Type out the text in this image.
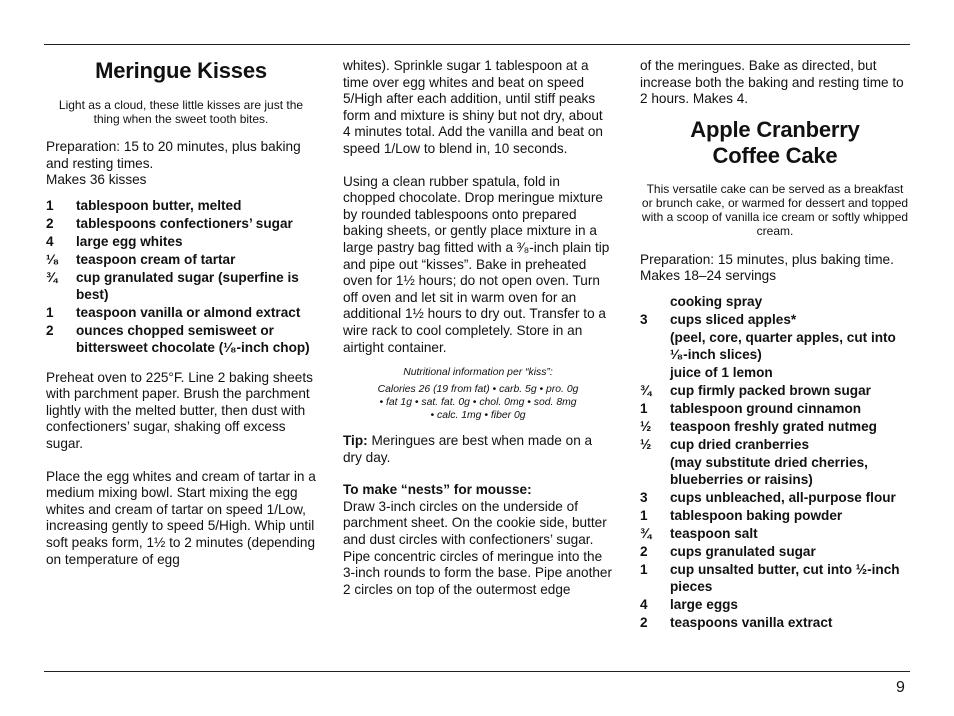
Meringue Kisses

Light as a cloud, these little kisses are just the thing when the sweet tooth bites.

Preparation: 15 to 20 minutes, plus baking and resting times.

Makes 36 kisses

1	tablespoon butter, melted
2	tablespoons confectioners’ sugar
4	large egg whites
¹⁄₈	teaspoon cream of tartar
¾	cup granulated sugar (superfine is best)
1	teaspoon vanilla or almond extract
2	ounces chopped semisweet or bittersweet chocolate (¹⁄₈-inch chop)

Preheat oven to 225°F. Line 2 baking sheets with parchment paper. Brush the parchment lightly with the melted butter, then dust with confectioners’ sugar, shaking off excess sugar.

Place the egg whites and cream of tartar in a medium mixing bowl. Start mixing the egg whites and cream of tartar on speed 1/Low, increasing gently to speed 5/High. Whip until soft peaks form, 1½ to 2 minutes (depending on temperature of egg

whites). Sprinkle sugar 1 tablespoon at a time over egg whites and beat on speed 5/High after each addition, until stiff peaks form and mixture is shiny but not dry, about 4 minutes total. Add the vanilla and beat on speed 1/Low to blend in, 10 seconds.

Using a clean rubber spatula, fold in chopped chocolate. Drop meringue mixture by rounded tablespoons onto prepared baking sheets, or gently place mixture in a large pastry bag fitted with a ³⁄₈-inch plain tip and pipe out “kisses”. Bake in preheated oven for 1½ hours; do not open oven. Turn off oven and let sit in warm oven for an additional 1½ hours to dry out. Transfer to a wire rack to cool completely. Store in an airtight container.

Nutritional information per “kiss”:

Calories 26 (19 from fat) • carb. 5g • pro. 0g

• fat 1g • sat. fat. 0g • chol. 0mg • sod. 8mg

• calc. 1mg • fiber 0g

Tip: Meringues are best when made on a dry day.

To make “nests” for mousse:

Draw 3-inch circles on the underside of parchment sheet. On the cookie side, butter and dust circles with confectioners’ sugar. Pipe concentric circles of meringue into the 3-inch rounds to form the base. Pipe another 2 circles on top of the outermost edge

of the meringues. Bake as directed, but increase both the baking and resting time to 2 hours. Makes 4.

Apple Cranberry
Coffee Cake

This versatile cake can be served as a breakfast or brunch cake, or warmed for dessert and topped with a scoop of vanilla ice cream or softly whipped cream.

Preparation: 15 minutes, plus baking time. Makes 18–24 servings

cooking spray
3	cups sliced apples*
(peel, core, quarter apples, cut into ¹⁄₈-inch slices)
juice of 1 lemon
¾	cup firmly packed brown sugar
1	tablespoon ground cinnamon
½	teaspoon freshly grated nutmeg
½	cup dried cranberries
(may substitute dried cherries, blueberries or raisins)
3	cups unbleached, all-purpose flour
1	tablespoon baking powder
¾	teaspoon salt
2	cups granulated sugar
1	cup unsalted butter, cut into ½-inch pieces
4	large eggs
2	teaspoons vanilla extract
9
